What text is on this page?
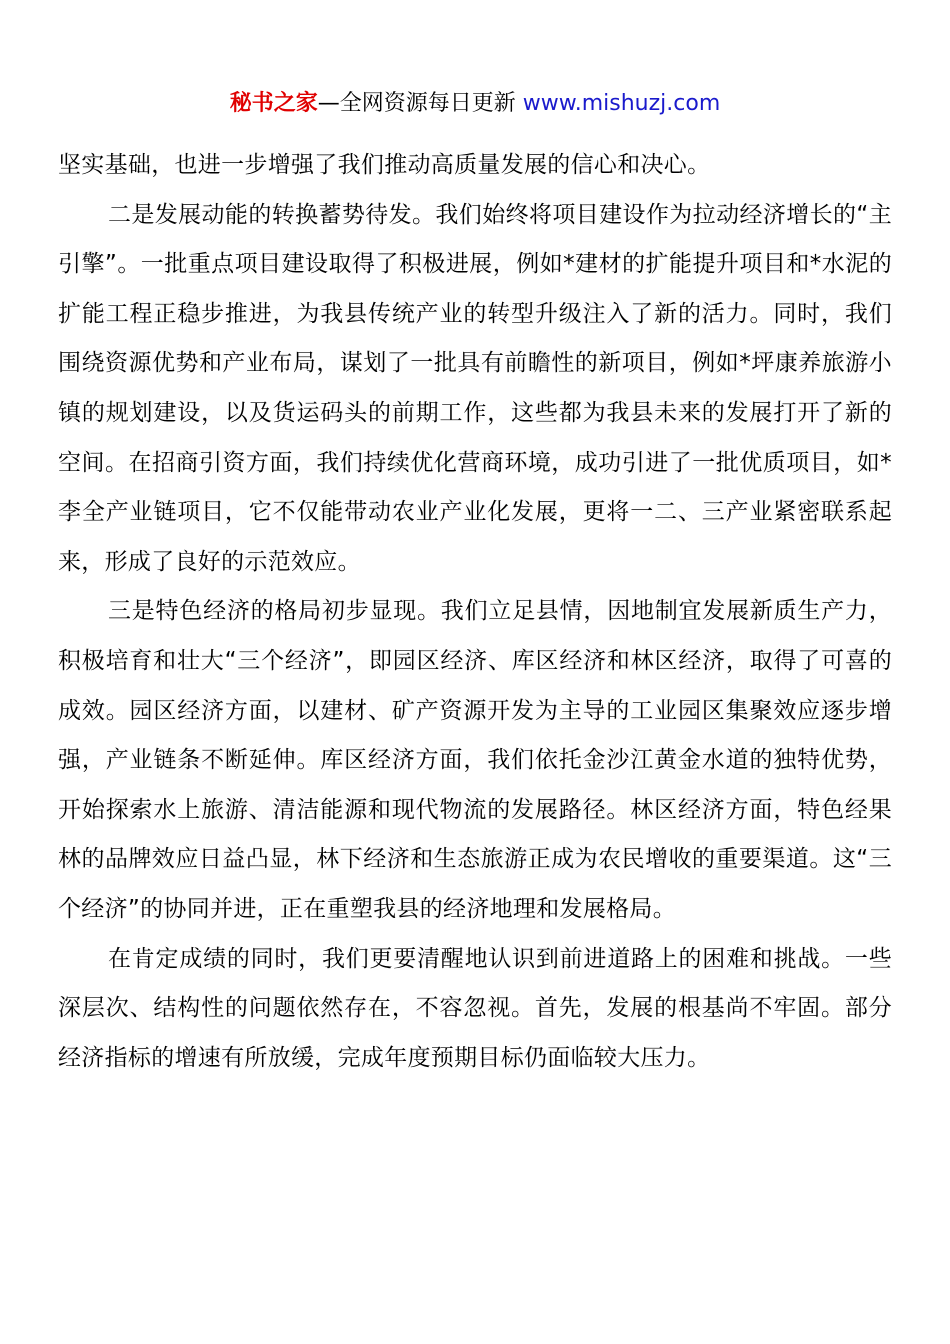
秘书之家—全网资源每日更新 www.mishuzj.com

坚实基础，也进一步增强了我们推动高质量发展的信心和决心。

二是发展动能的转换蓄势待发。我们始终将项目建设作为拉动经济增长的“主引擎”。一批重点项目建设取得了积极进展，例如*建材的扩能提升项目和*水泥的扩能工程正稳步推进，为我县传统产业的转型升级注入了新的活力。同时，我们围绕资源优势和产业布局，谋划了一批具有前瞻性的新项目，例如*坪康养旅游小镇的规划建设，以及货运码头的前期工作，这些都为我县未来的发展打开了新的空间。在招商引资方面，我们持续优化营商环境，成功引进了一批优质项目，如*李全产业链项目，它不仅能带动农业产业化发展，更将一二、三产业紧密联系起来，形成了良好的示范效应。

三是特色经济的格局初步显现。我们立足县情，因地制宜发展新质生产力，积极培育和壮大“三个经济”，即园区经济、库区经济和林区经济，取得了可喜的成效。园区经济方面，以建材、矿产资源开发为主导的工业园区集聚效应逐步增强，产业链条不断延伸。库区经济方面，我们依托金沙江黄金水道的独特优势，开始探索水上旅游、清洁能源和现代物流的发展路径。林区经济方面，特色经果林的品牌效应日益凸显，林下经济和生态旅游正成为农民增收的重要渠道。这“三个经济”的协同并进，正在重塑我县的经济地理和发展格局。

在肯定成绩的同时，我们更要清醒地认识到前进道路上的困难和挑战。一些深层次、结构性的问题依然存在，不容忽视。首先，发展的根基尚不牢固。部分经济指标的增速有所放缓，完成年度预期目标仍面临较大压力。
